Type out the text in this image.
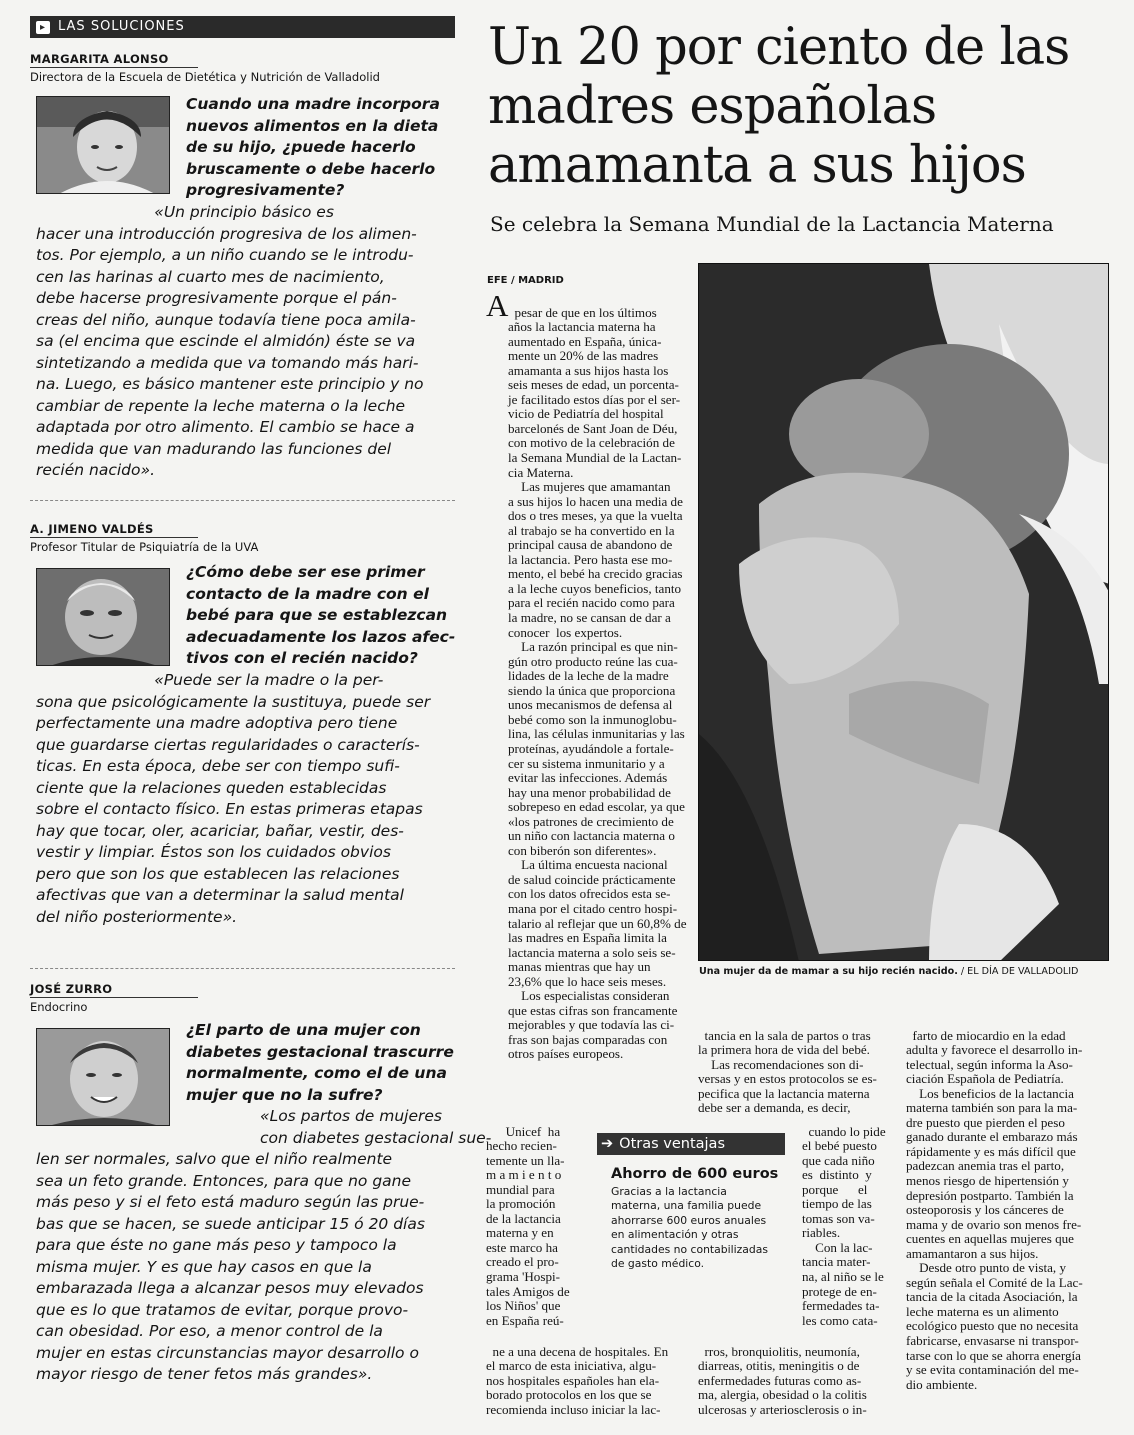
▸ LAS SOLUCIONES
MARGARITA ALONSO
Directora de la Escuela de Dietética y Nutrición de Valladolid
Cuando una madre incorpora
nuevos alimentos en la dieta
de su hijo, ¿puede hacerlo
bruscamente o debe hacerlo
progresivamente?
«Un principio básico es
hacer una introducción progresiva de los alimen-
tos. Por ejemplo, a un niño cuando se le introdu-
cen las harinas al cuarto mes de nacimiento,
debe hacerse progresivamente porque el pán-
creas del niño, aunque todavía tiene poca amila-
sa (el encima que escinde el almidón) éste se va
sintetizando a medida que va tomando más hari-
na. Luego, es básico mantener este principio y no
cambiar de repente la leche materna o la leche
adaptada por otro alimento. El cambio se hace a
medida que van madurando las funciones del
recién nacido».
A. JIMENO VALDÉS
Profesor Titular de Psiquiatría de la UVA
¿Cómo debe ser ese primer
contacto de la madre con el
bebé para que se establezcan
adecuadamente los lazos afec-
tivos con el recién nacido?
«Puede ser la madre o la per-
sona que psicológicamente la sustituya, puede ser
perfectamente una madre adoptiva pero tiene
que guardarse ciertas regularidades o caracterís-
ticas. En esta época, debe ser con tiempo sufi-
ciente que la relaciones queden establecidas
sobre el contacto físico. En estas primeras etapas
hay que tocar, oler, acariciar, bañar, vestir, des-
vestir y limpiar. Éstos son los cuidados obvios
pero que son los que establecen las relaciones
afectivas que van a determinar la salud mental
del niño posteriormente».
JOSÉ ZURRO
Endocrino
¿El parto de una mujer con
diabetes gestacional trascurre
normalmente, como el de una
mujer que no la sufre?
«Los partos de mujeres
con diabetes gestacional sue-
len ser normales, salvo que el niño realmente
sea un feto grande. Entonces, para que no gane
más peso y si el feto está maduro según las prue-
bas que se hacen, se suede anticipar 15 ó 20 días
para que éste no gane más peso y tampoco la
misma mujer. Y es que hay casos en que la
embarazada llega a alcanzar pesos muy elevados
que es lo que tratamos de evitar, porque provo-
can obesidad. Por eso, a menor control de la
mujer en estas circunstancias mayor desarrollo o
mayor riesgo de tener fetos más grandes».
Un 20 por ciento de las
madres españolas
amamanta a sus hijos
Se celebra la Semana Mundial de la Lactancia Materna
EFE / MADRID
A pesar de que en los últimos
años la lactancia materna ha
aumentado en España, única-
mente un 20% de las madres
amamanta a sus hijos hasta los
seis meses de edad, un porcenta-
je facilitado estos días por el ser-
vicio de Pediatría del hospital
barcelonés de Sant Joan de Déu,
con motivo de la celebración de
la Semana Mundial de la Lactan-
cia Materna.
Las mujeres que amamantan
a sus hijos lo hacen una media de
dos o tres meses, ya que la vuelta
al trabajo se ha convertido en la
principal causa de abandono de
la lactancia. Pero hasta ese mo-
mento, el bebé ha crecido gracias
a la leche cuyos beneficios, tanto
para el recién nacido como para
la madre, no se cansan de dar a
conocer  los expertos.
La razón principal es que nin-
gún otro producto reúne las cua-
lidades de la leche de la madre
siendo la única que proporciona
unos mecanismos de defensa al
bebé como son la inmunoglobu-
lina, las células inmunitarias y las
proteínas, ayudándole a fortale-
cer su sistema inmunitario y a
evitar las infecciones. Además
hay una menor probabilidad de
sobrepeso en edad escolar, ya que
«los patrones de crecimiento de
un niño con lactancia materna o
con biberón son diferentes».
La última encuesta nacional
de salud coincide prácticamente
con los datos ofrecidos esta se-
mana por el citado centro hospi-
talario al reflejar que un 60,8% de
las madres en España limita la
lactancia materna a solo seis se-
manas mientras que hay un
23,6% que lo hace seis meses.
Los especialistas consideran
que estas cifras son francamente
mejorables y que todavía las ci-
fras son bajas comparadas con
otros países europeos.

Unicef  ha
hecho recien-
temente un lla-
m a m i e n t o
mundial para
la promoción
de la lactancia
materna y en
este marco ha
creado el pro-
grama 'Hospi-
tales Amigos de
los Niños' que
en España reú-

ne a una decena de hospitales. En
el marco de esta iniciativa, algu-
nos hospitales españoles han ela-
borado protocolos en los que se
recomienda incluso iniciar la lac-

tancia en la sala de partos o tras
la primera hora de vida del bebé.
Las recomendaciones son di-
versas y en estos protocolos se es-
pecifica que la lactancia materna
debe ser a demanda, es decir,

cuando lo pide
el bebé puesto
que cada niño
es  distinto  y
porque      el
tiempo de las
tomas son va-
riables.
Con la lac-
tancia mater-
na, al niño se le
protege de en-
fermedades ta-
les como cata-

rros, bronquiolitis, neumonía,
diarreas, otitis, meningitis o de
enfermedades futuras como as-
ma, alergia, obesidad o la colitis
ulcerosas y arteriosclerosis o in-

farto de miocardio en la edad
adulta y favorece el desarrollo in-
telectual, según informa la Aso-
ciación Española de Pediatría.
Los beneficios de la lactancia
materna también son para la ma-
dre puesto que pierden el peso
ganado durante el embarazo más
rápidamente y es más difícil que
padezcan anemia tras el parto,
menos riesgo de hipertensión y
depresión postparto. También la
osteoporosis y los cánceres de
mama y de ovario son menos fre-
cuentes en aquellas mujeres que
amamantaron a sus hijos.
Desde otro punto de vista, y
según señala el Comité de la Lac-
tancia de la citada Asociación, la
leche materna es un alimento
ecológico puesto que no necesita
fabricarse, envasarse ni transpor-
tarse con lo que se ahorra energía
y se evita contaminación del me-
dio ambiente.

Una mujer da de mamar a su hijo recién nacido. / EL DÍA DE VALLADOLID
➔ Otras ventajas
Ahorro de 600 euros
Gracias a la lactancia
materna, una familia puede
ahorrarse 600 euros anuales
en alimentación y otras
cantidades no contabilizadas
de gasto médico.
